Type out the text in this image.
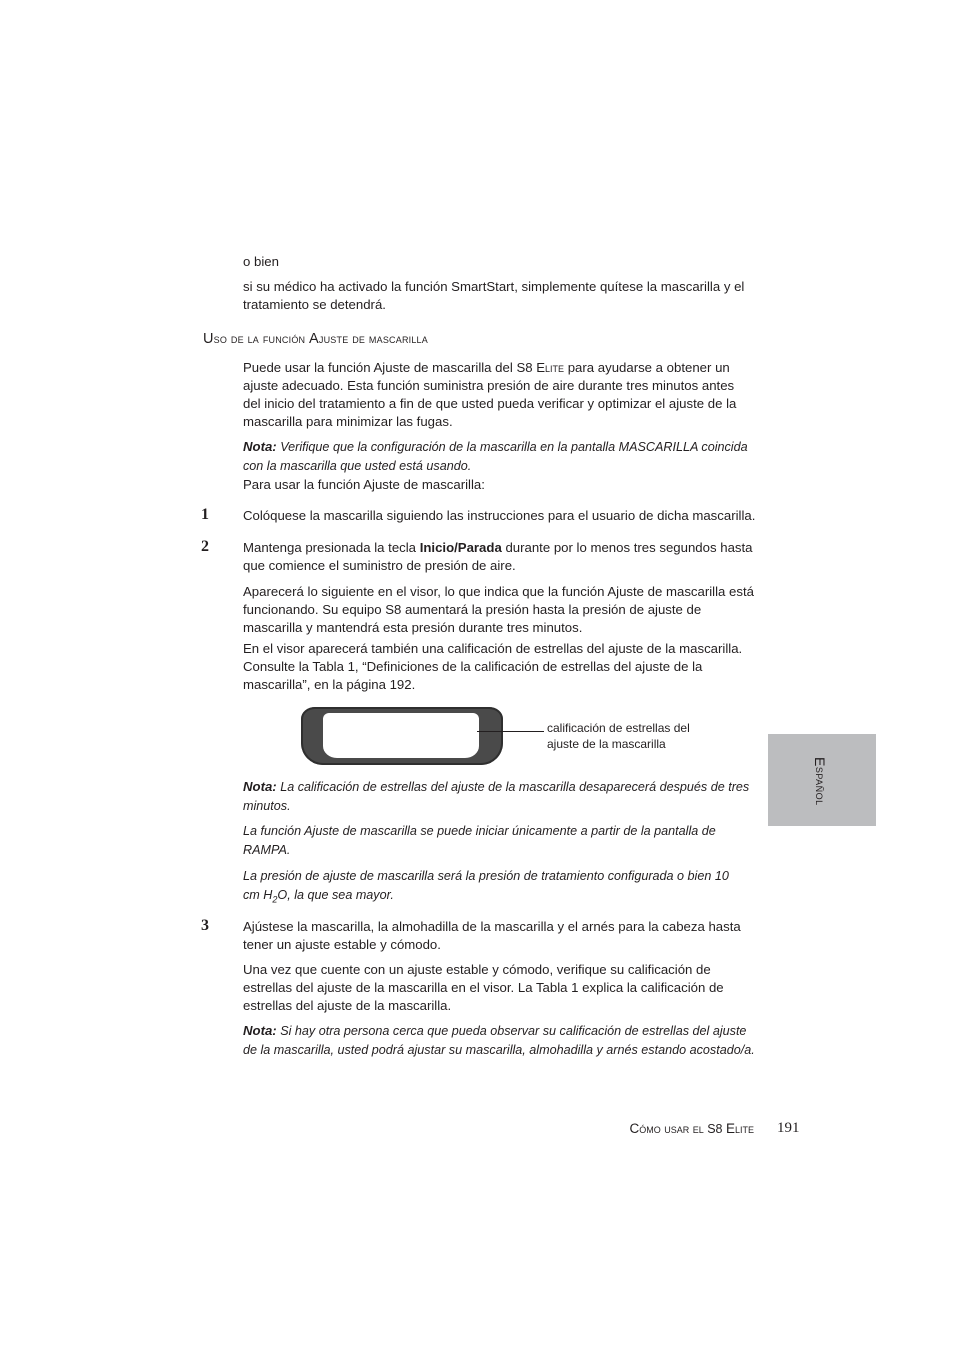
o bien
si su médico ha activado la función SmartStart, simplemente quítese la mascarilla y el tratamiento se detendrá.
Uso de la función Ajuste de mascarilla
Puede usar la función Ajuste de mascarilla del S8 Elite para ayudarse a obtener un ajuste adecuado. Esta función suministra presión de aire durante tres minutos antes del inicio del tratamiento a fin de que usted pueda verificar y optimizar el ajuste de la mascarilla para minimizar las fugas.
Nota: Verifique que la configuración de la mascarilla en la pantalla MASCARILLA coincida con la mascarilla que usted está usando.
Para usar la función Ajuste de mascarilla:
1	Colóquese la mascarilla siguiendo las instrucciones para el usuario de dicha mascarilla.
2	Mantenga presionada la tecla Inicio/Parada durante por lo menos tres segundos hasta que comience el suministro de presión de aire.
Aparecerá lo siguiente en el visor, lo que indica que la función Ajuste de mascarilla está funcionando. Su equipo S8 aumentará la presión hasta la presión de ajuste de mascarilla y mantendrá esta presión durante tres minutos.
En el visor aparecerá también una calificación de estrellas del ajuste de la mascarilla. Consulte la Tabla 1, “Definiciones de la calificación de estrellas del ajuste de la mascarilla”, en la página 192.
calificación de estrellas del ajuste de la mascarilla
Nota: La calificación de estrellas del ajuste de la mascarilla desaparecerá después de tres minutos.
La función Ajuste de mascarilla se puede iniciar únicamente a partir de la pantalla de RAMPA.
La presión de ajuste de mascarilla será la presión de tratamiento configurada o bien 10 cm $H_2O$, la que sea mayor.
3	Ajústese la mascarilla, la almohadilla de la mascarilla y el arnés para la cabeza hasta tener un ajuste estable y cómodo.
Una vez que cuente con un ajuste estable y cómodo, verifique su calificación de estrellas del ajuste de la mascarilla en el visor. La Tabla 1 explica la calificación de estrellas del ajuste de la mascarilla.
Nota: Si hay otra persona cerca que pueda observar su calificación de estrellas del ajuste de la mascarilla, usted podrá ajustar su mascarilla, almohadilla y arnés estando acostado/a.
Español
Cómo usar el S8 Elite 191
